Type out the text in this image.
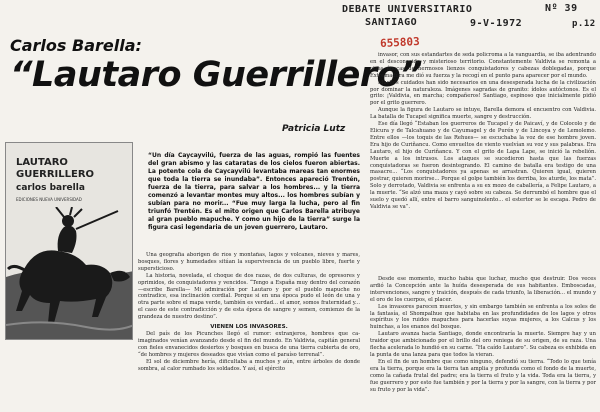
DEBATE UNIVERSITARIO	Nº 39
SANTIAGO	9-V-1972	p.12
655803
Carlos Barella:
“Lautaro Guerrillero”
Patricia Lutz
LAUTARO
GUERRILLERO
carlos barella
EDICIONES NUEVA UNIVERSIDAD
“Un día Caycayvilú, fuerza de las aguas, rompió las fuentes del gran abismo y las cataratas de los cielos fueron abiertas. La potente cola de Caycayvilú levantaba mareas tan enormes que toda la tierra se inundaba”. Entonces apareció Trentén, fuerza de la tierra, para salvar a los hombres... y la tierra comenzó a levantar montes muy altos... los hombres subían y subían para no morir... “Fue muy larga la lucha, pero al fin triunfó Trentén. Es el mito origen que Carlos Barella atribuye al gran pueblo mapuche. Y como un hijo de la tierra” surge la figura casi legendaria de un joven guerrero, Lautaro.

Una geografía aborigen de ríos y montañas, lagos y volcanes, nieves y mares, bosques, flores y humedades sitúan la supervivencia de un pueblo libre, fuerte y supersticioso.

La historia, novelada, el choque de dos razas, de dos culturas, de opresores y oprimidos, de conquistadores y vencidos. “Tengo a España muy dentro del corazón —escribe Barella— Mi admiración por Lautaro y por el pueblo mapuche no contradice, esa inclinación cordial. Porque si en una época pudo el león de una y otra parte sobre el mapa verde, también es verdad... el amor, somos fraternidad y... el caso de este contradicción y de esta época de sangre y semen, comienzo de la grandeza de nuestro destino”.

VIENEN LOS INVASORES.

Del país de los Picunches llegó el rumor: extranjeros, hombres que ca- imaginados venían avanzando desde el fin del mundo. En Valdivia, capitán general con fieles envanecidos desiertos y bosques en busca de una tierra cubierta de oro, “de hombres y mujeres deseados que vivían como el paraíso terrenal”.

El sol de diciembre hería, dificultaba a muchos y aún, entre árboles de donde sombra, al calor rumbado los soldados. Y así, el ejército

invasor, con sus estandartes de seda policroma a la vanguardia, se iba adentrando en el desconocido y misterioso territorio. Constantemente Valdivia se remonta a otras épocas de hermosos lienzos conquistadores y cabezas doblegadas, porque Extremadura me dió su fuerza y la recogí en el punto para aparecer por el mundo.

Muchos cuidados han sido necesarios en una desesperada lucha de la civilización por dominar la naturaleza. Imágenes sagradas de granito: ídolos autóctonos. Es el grito: ¡Valdivia, en marcha; compañeros! Santiago, espinoso que inicialmente pidió por el grito guerrero.

Aunque la figura de Lautaro se intuye, Barella demora el encuentro con Valdivia. La batalla de Tucapel significa muerte, sangre y destrucción.

Ese día llegó “Estaban los guerreros de Tucapel y de Paicaví, y de Colocolo y de Elicura y de Talcahuano y de Cayumagel y de Purén y de Lincoya y de Lemolemo. Entre ellos —los toquis de las Rehues— se escuchaba la voz de ese hombre joven. Era hijo de Curiñancu. Como envueltos de viento vuelvían su voz y sus palabras. Era Lautaro, el hijo de Curiñancu. Y con el grito de Lapa Lape, se inició la rebelión. Muerte a los intrusos. Los ataques se sucedieron hasta que las fuerzas conquistadoras se fueron desintegrando. El camino de batalla era testigo de una masacre... “Los conquistadores ya apenas se arrastran. Quieren igual, quieren postrar, quieren morirse... Porque el golpe también los derriba, los aturde, los mata”. Solo y derrotado, Valdivia se enfrenta a su ex mozo de caballería, a Felipe Lautaro, a la muerte. “Se alzó una maza y cayó sobre su cabeza. Se derrumbó el hombre que el suelo y quedó allí, entre el barro sanguinolento... el estertor se le escapa. Pedro de Valdivia se va”.

Desde ese momento, mucho había que luchar, mucho que destruir. Dos veces ardió la Concepción ante la huída desesperada de sus habitantes. Emboscadas, intervenciones, sangre y traición, después de cada triunfo, la liberación... el mundo y el oro de los cuerpos, el placer.

Los invasores parecen muertos, y sin embargo también se enfrenta a los soles de la fantasía, el Shompalhue que habitaba en las profundidades de los lagos y otros espíritus y los ruidos mapuches para hacerlas suyas mujeres, a los Calcus y los huinchas, a los enanos del bosque.

Lautaro avanza hacia Santiago, donde encontraría la muerte. Siempre hay y un traidor que ambicionado por el brillo del oro reniega de su origen, de su raza. Una flecha acelerada lo hundió en su carne. “Ha caído Lautaro”. Su cabeza es exhibida en la punta de una lanza para que todos la vieran.

En el fin de un hombre que como ninguno, defendió su tierra. “Todo lo que tenía era la tierra, porque era la tierra tan amplia y profunda como el fondo de la muerte, como la cañada frutal del padre; era la tierra el fruto y la vida. Toda era la tierra, y fue guerrero y por esto fue también y por la tierra y por la sangre, con la tierra y por su fruto y por la vida”.
